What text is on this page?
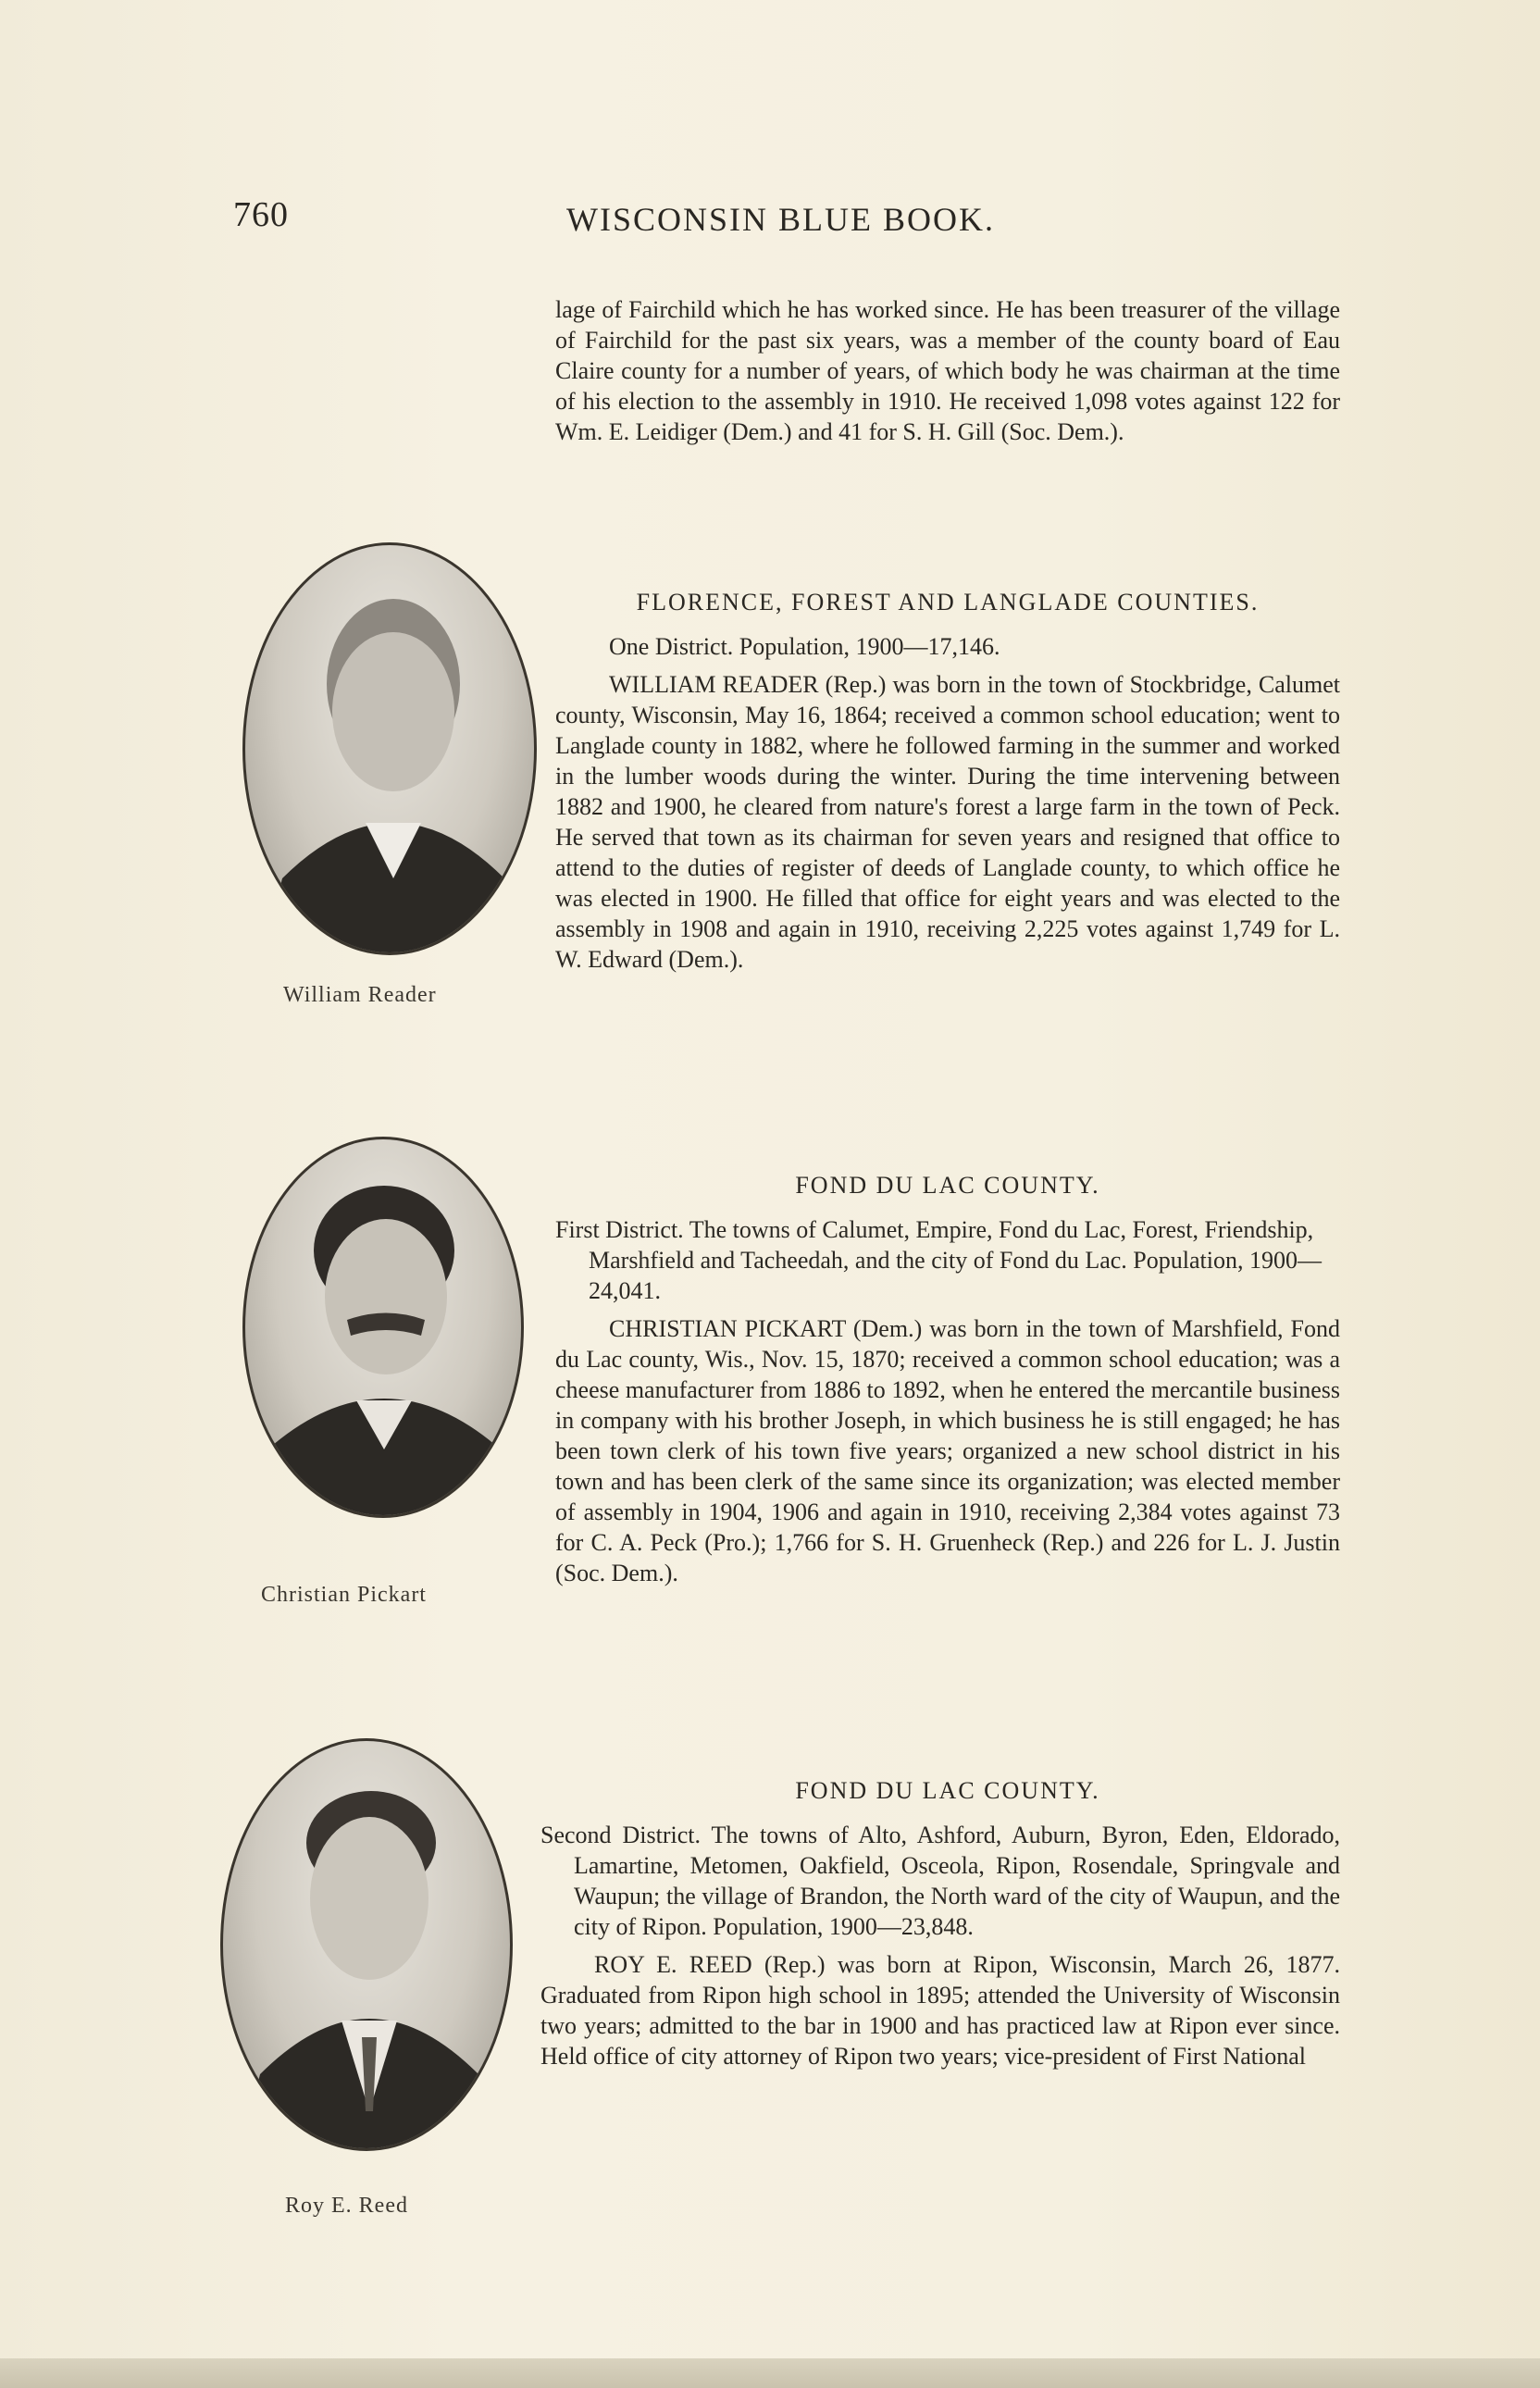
760	WISCONSIN BLUE BOOK.

lage of Fairchild which he has worked since. He has been treasurer of the village of Fairchild for the past six years, was a member of the county board of Eau Claire county for a number of years, of which body he was chairman at the time of his election to the assembly in 1910. He received 1,098 votes against 122 for Wm. E. Leidiger (Dem.) and 41 for S. H. Gill (Soc. Dem.).

William Reader
FLORENCE, FOREST AND LANGLADE COUNTIES.

One District. Population, 1900—17,146.

WILLIAM READER (Rep.) was born in the town of Stockbridge, Calumet county, Wisconsin, May 16, 1864; received a common school education; went to Langlade county in 1882, where he followed farming in the summer and worked in the lumber woods during the winter. During the time intervening between 1882 and 1900, he cleared from nature's forest a large farm in the town of Peck. He served that town as its chairman for seven years and resigned that office to attend to the duties of register of deeds of Langlade county, to which office he was elected in 1900. He filled that office for eight years and was elected to the assembly in 1908 and again in 1910, receiving 2,225 votes against 1,749 for L. W. Edward (Dem.).

Christian Pickart
FOND DU LAC COUNTY.

First District. The towns of Calumet, Empire, Fond du Lac, Forest, Friendship, Marshfield and Tacheedah, and the city of Fond du Lac. Population, 1900—24,041.

CHRISTIAN PICKART (Dem.) was born in the town of Marshfield, Fond du Lac county, Wis., Nov. 15, 1870; received a common school education; was a cheese manufacturer from 1886 to 1892, when he entered the mercantile business in company with his brother Joseph, in which business he is still engaged; he has been town clerk of his town five years; organized a new school district in his town and has been clerk of the same since its organization; was elected member of assembly in 1904, 1906 and again in 1910, receiving 2,384 votes against 73 for C. A. Peck (Pro.); 1,766 for S. H. Gruenheck (Rep.) and 226 for L. J. Justin (Soc. Dem.).

Roy E. Reed
FOND DU LAC COUNTY.

Second District. The towns of Alto, Ashford, Auburn, Byron, Eden, Eldorado, Lamartine, Metomen, Oakfield, Osceola, Ripon, Rosendale, Springvale and Waupun; the village of Brandon, the North ward of the city of Waupun, and the city of Ripon. Population, 1900—23,848.

ROY E. REED (Rep.) was born at Ripon, Wisconsin, March 26, 1877. Graduated from Ripon high school in 1895; attended the University of Wisconsin two years; admitted to the bar in 1900 and has practiced law at Ripon ever since. Held office of city attorney of Ripon two years; vice-president of First National
